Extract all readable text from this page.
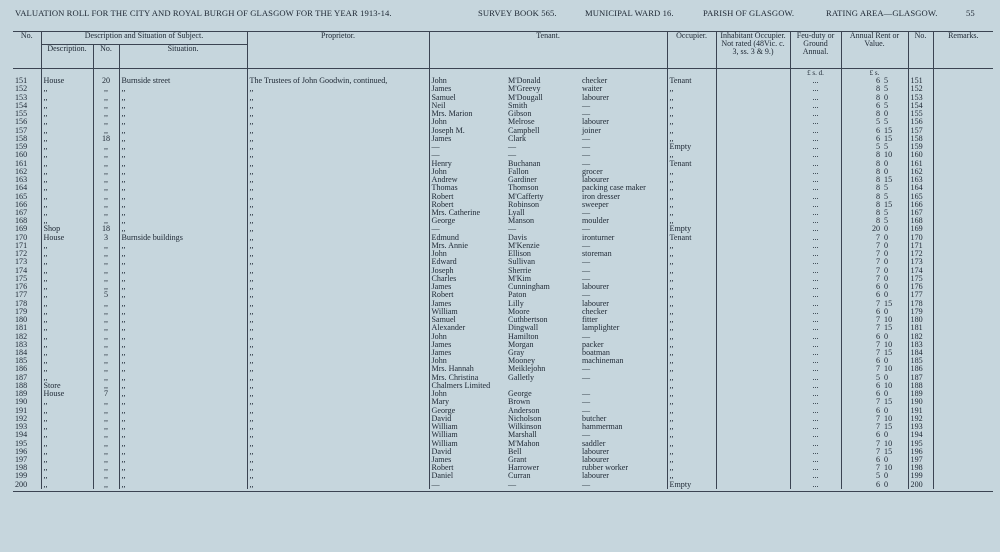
VALUATION ROLL FOR THE CITY AND ROYAL BURGH OF GLASGOW FOR THE YEAR 1913-14.	SURVEY BOOK 565.	MUNICIPAL WARD 16.	PARISH OF GLASGOW.	RATING AREA—GLASGOW.	55
No.	Description and Situation of Subject.			Proprietor.	Tenant.			Occupier.	Inhabitant Occupier. Not rated (48Vic. c. 3, ss. 3 & 9.)	Feu-duty or Ground Annual.	Annual Rent or Value.		No.	Remarks.
	Description.	No.	Situation.											
										£ s. d.	£ s.			
151	House	20	Burnside street	The Trustees of John Goodwin, continued,	John	M'Donald	checker	Tenant		...	6	5	151	
152	,,	,,	,,	,,	James	M'Greevy	waiter	,,		...	8	5	152	
153	,,	,,	,,	,,	Samuel	M'Dougall	labourer	,,		...	8	0	153	
154	,,	,,	,,	,,	Neil	Smith	—	,,		...	6	5	154	
155	,,	,,	,,	,,	Mrs. Marion	Gibson	—	,,		...	8	0	155	
156	,,	,,	,,	,,	John	Melrose	labourer	,,		...	5	5	156	
157	,,	,,	,,	,,	Joseph M.	Campbell	joiner	,,		...	6	15	157	
158	,,	18	,,	,,	James	Clark	—	,,		...	6	15	158	
159	,,	,,	,,	,,	—	—	—	Empty		...	5	5	159	
160	,,	,,	,,	,,	—	—	—	,,		...	8	10	160	
161	,,	,,	,,	,,	Henry	Buchanan	—	Tenant		...	8	0	161	
162	,,	,,	,,	,,	John	Fallon	grocer	,,		...	8	0	162	
163	,,	,,	,,	,,	Andrew	Gardiner	labourer	,,		...	8	15	163	
164	,,	,,	,,	,,	Thomas	Thomson	packing case maker	,,		...	8	5	164	
165	,,	,,	,,	,,	Robert	M'Cafferty	iron dresser	,,		...	8	5	165	
166	,,	,,	,,	,,	Robert	Robinson	sweeper	,,		...	8	15	166	
167	,,	,,	,,	,,	Mrs. Catherine	Lyall	—	,,		...	8	5	167	
168	,,	,,	,,	,,	George	Manson	moulder	,,		...	8	5	168	
169	Shop	18	,,	,,	—	—	—	Empty		...	20	0	169	
170	House	3	Burnside buildings	,,	Edmund	Davis	ironturner	Tenant		...	7	0	170	
171	,,	,,	,,	,,	Mrs. Annie	M'Kenzie	—	,,		...	7	0	171	
172	,,	,,	,,	,,	John	Ellison	storeman	,,		...	7	0	172	
173	,,	,,	,,	,,	Edward	Sullivan	—	,,		...	7	0	173	
174	,,	,,	,,	,,	Joseph	Sherrie	—	,,		...	7	0	174	
175	,,	,,	,,	,,	Charles	M'Kim	—	,,		...	7	0	175	
176	,,	,,	,,	,,	James	Cunningham	labourer	,,		...	6	0	176	
177	,,	5	,,	,,	Robert	Paton	—	,,		...	6	0	177	
178	,,	,,	,,	,,	James	Lilly	labourer	,,		...	7	15	178	
179	,,	,,	,,	,,	William	Moore	checker	,,		...	6	0	179	
180	,,	,,	,,	,,	Samuel	Cuthbertson	fitter	,,		...	7	10	180	
181	,,	,,	,,	,,	Alexander	Dingwall	lamplighter	,,		...	7	15	181	
182	,,	,,	,,	,,	John	Hamilton	—	,,		...	6	0	182	
183	,,	,,	,,	,,	James	Morgan	packer	,,		...	7	10	183	
184	,,	,,	,,	,,	James	Gray	boatman	,,		...	7	15	184	
185	,,	,,	,,	,,	John	Mooney	machineman	,,		...	6	0	185	
186	,,	,,	,,	,,	Mrs. Hannah	Meiklejohn	—	,,		...	7	10	186	
187	,,	,,	,,	,,	Mrs. Christina	Galletly	—	,,		...	5	0	187	
188	Store	,,	,,	,,	Chalmers Limited			,,		...	6	10	188	
189	House	7	,,	,,	John	George	—	,,		...	6	0	189	
190	,,	,,	,,	,,	Mary	Brown	—	,,		...	7	15	190	
191	,,	,,	,,	,,	George	Anderson	—	,,		...	6	0	191	
192	,,	,,	,,	,,	David	Nicholson	butcher	,,		...	7	10	192	
193	,,	,,	,,	,,	William	Wilkinson	hammerman	,,		...	7	15	193	
194	,,	,,	,,	,,	William	Marshall	—	,,		...	6	0	194	
195	,,	,,	,,	,,	William	M'Mahon	saddler	,,		...	7	10	195	
196	,,	,,	,,	,,	David	Bell	labourer	,,		...	7	15	196	
197	,,	,,	,,	,,	James	Grant	labourer	,,		...	6	0	197	
198	,,	,,	,,	,,	Robert	Harrower	rubber worker	,,		...	7	10	198	
199	,,	,,	,,	,,	Daniel	Curran	labourer	,,		...	5	0	199	
200	,,	,,	,,	,,	—	—	—	Empty		...	6	0	200	
